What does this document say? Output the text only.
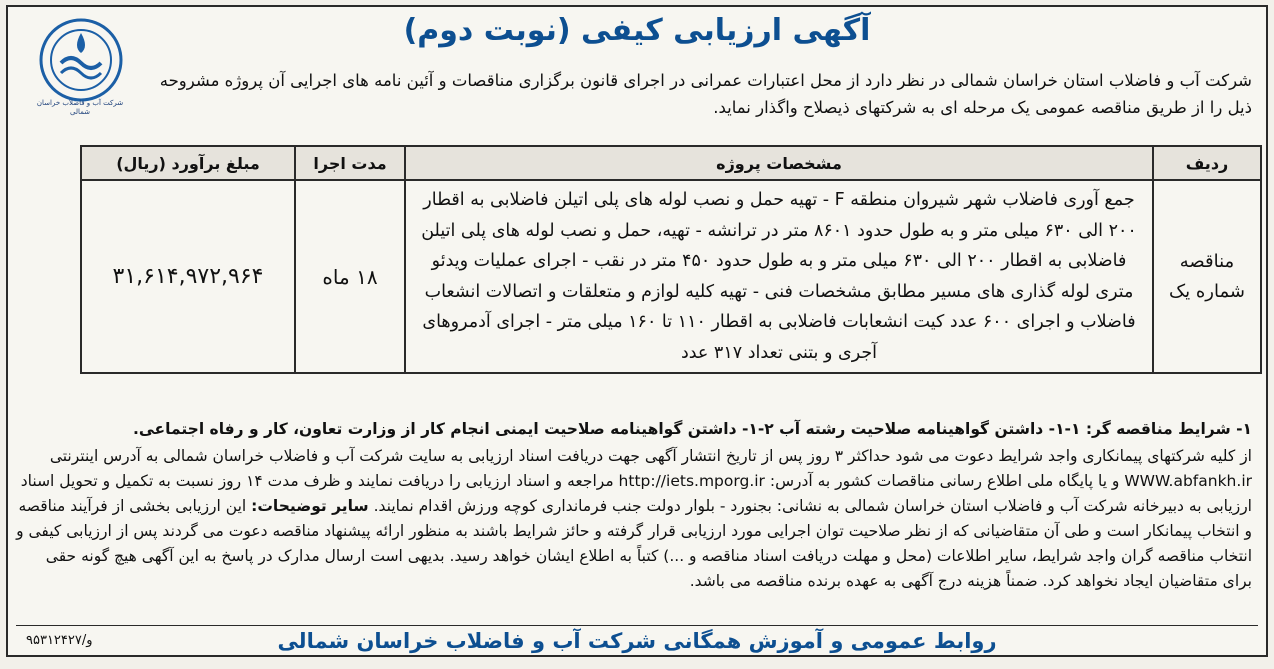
شرکت آب و فاضلاب خراسان شمالی
آگهی ارزیابی کیفی (نوبت دوم)
شرکت آب و فاضلاب استان خراسان شمالی در نظر دارد از محل اعتبارات عمرانی در اجرای قانون برگزاری مناقصات و آئین نامه های اجرایی آن پروژه مشروحه ذیل را از طریق مناقصه عمومی یک مرحله ای به شرکتهای ذیصلاح واگذار نماید.
ردیف	مشخصات پروژه	مدت اجرا	مبلغ برآورد (ریال)
مناقصه شماره یک	جمع آوری فاضلاب شهر شیروان منطقه F - تهیه حمل و نصب لوله های پلی اتیلن فاضلابی به اقطار ۲۰۰ الی ۶۳۰ میلی متر و به طول حدود ۸۶۰۱ متر در ترانشه - تهیه، حمل و نصب لوله های پلی اتیلن فاضلابی به اقطار ۲۰۰ الی ۶۳۰ میلی متر و به طول حدود ۴۵۰ متر در نقب - اجرای عملیات ویدئو متری لوله گذاری های مسیر مطابق مشخصات فنی - تهیه کلیه لوازم و متعلقات و اتصالات انشعاب فاضلاب و اجرای ۶۰۰ عدد کیت انشعابات فاضلابی به اقطار ۱۱۰ تا ۱۶۰ میلی متر - اجرای آدمروهای آجری و بتنی تعداد ۳۱۷ عدد	۱۸ ماه	۳۱,۶۱۴,۹۷۲,۹۶۴
۱- شرایط مناقصه گر: ۱-۱- داشتن گواهینامه صلاحیت رشته آب ۲-۱- داشتن گواهینامه صلاحیت ایمنی انجام کار از وزارت تعاون، کار و رفاه اجتماعی.
از کلیه شرکتهای پیمانکاری واجد شرایط دعوت می شود حداکثر ۳ روز پس از تاریخ انتشار آگهی جهت دریافت اسناد ارزیابی به سایت شرکت آب و فاضلاب خراسان شمالی به آدرس اینترنتی WWW.abfankh.ir و یا پایگاه ملی اطلاع رسانی مناقصات کشور به آدرس: http://iets.mporg.ir مراجعه و اسناد ارزیابی را دریافت نمایند و ظرف مدت ۱۴ روز نسبت به تکمیل و تحویل اسناد ارزیابی به دبیرخانه شرکت آب و فاضلاب استان خراسان شمالی به نشانی: بجنورد - بلوار دولت جنب فرمانداری کوچه ورزش اقدام نمایند. سایر توضیحات: این ارزیابی بخشی از فرآیند مناقصه و انتخاب پیمانکار است و طی آن متقاضیانی که از نظر صلاحیت توان اجرایی مورد ارزیابی قرار گرفته و حائز شرایط باشند به منظور ارائه پیشنهاد مناقصه دعوت می گردند پس از ارزیابی کیفی و انتخاب مناقصه گران واجد شرایط، سایر اطلاعات (محل و مهلت دریافت اسناد مناقصه و ...) کتباً به اطلاع ایشان خواهد رسید. بدیهی است ارسال مدارک در پاسخ به این آگهی هیچ گونه حقی برای متقاضیان ایجاد نخواهد کرد. ضمناً هزینه درج آگهی به عهده برنده مناقصه می باشد.
روابط عمومی و آموزش همگانی شرکت آب و فاضلاب خراسان شمالی
۹۵۳۱۲۴۲۷/و
